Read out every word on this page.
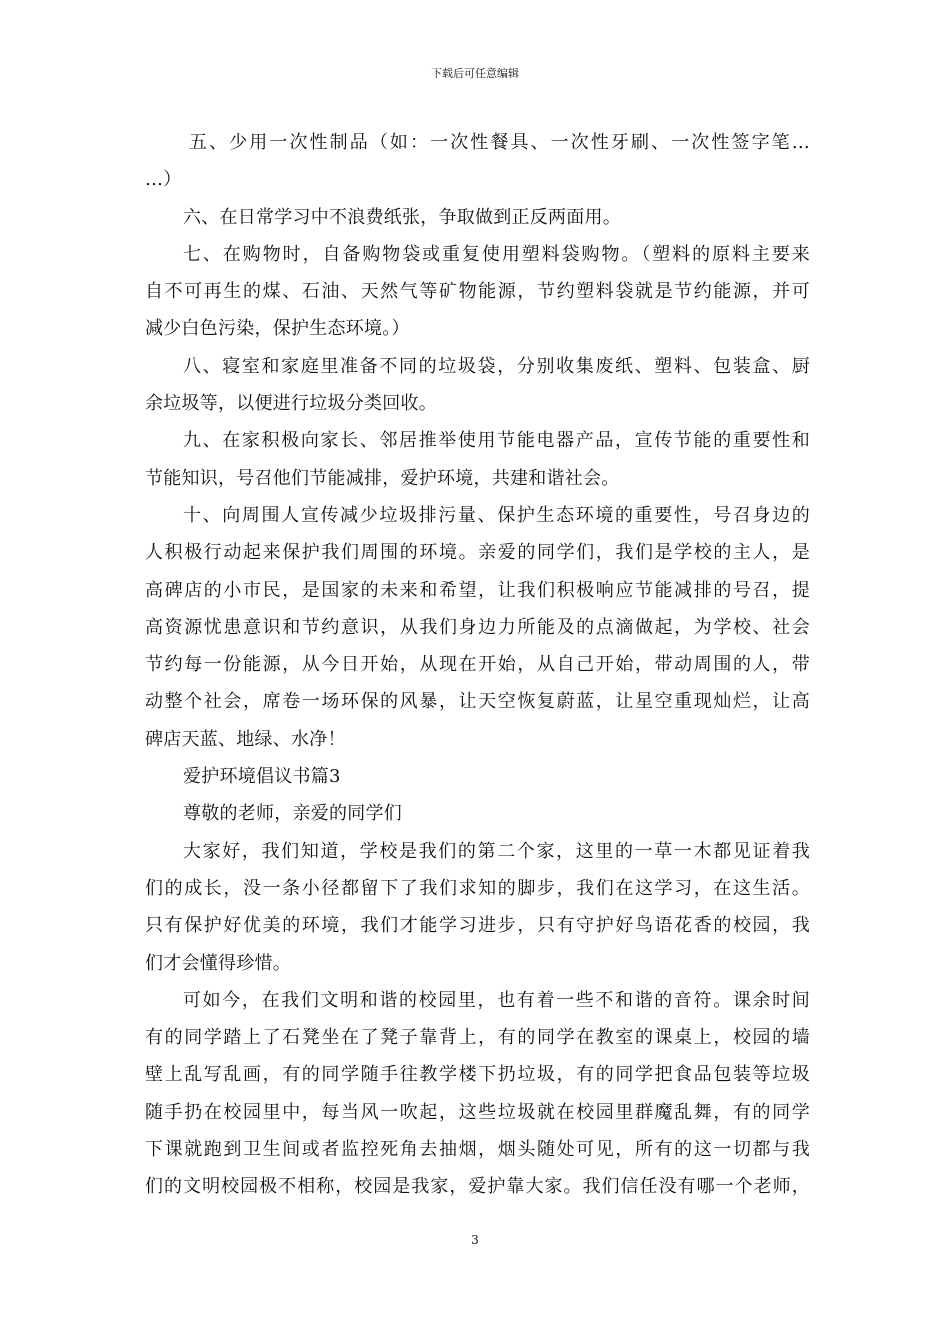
下载后可任意编辑
五、少用一次性制品（如：一次性餐具、一次性牙刷、一次性签字笔…
…）
六、在日常学习中不浪费纸张，争取做到正反两面用。
七、在购物时，自备购物袋或重复使用塑料袋购物。（塑料的原料主要来
自不可再生的煤、石油、天然气等矿物能源，节约塑料袋就是节约能源，并可
减少白色污染，保护生态环境。）
八、寝室和家庭里准备不同的垃圾袋，分别收集废纸、塑料、包装盒、厨
余垃圾等，以便进行垃圾分类回收。
九、在家积极向家长、邻居推举使用节能电器产品，宣传节能的重要性和
节能知识，号召他们节能减排，爱护环境，共建和谐社会。
十、向周围人宣传减少垃圾排污量、保护生态环境的重要性，号召身边的
人积极行动起来保护我们周围的环境。亲爱的同学们，我们是学校的主人，是
高碑店的小市民，是国家的未来和希望，让我们积极响应节能减排的号召，提
高资源忧患意识和节约意识，从我们身边力所能及的点滴做起，为学校、社会
节约每一份能源，从今日开始，从现在开始，从自己开始，带动周围的人，带
动整个社会，席卷一场环保的风暴，让天空恢复蔚蓝，让星空重现灿烂，让高
碑店天蓝、地绿、水净！
爱护环境倡议书篇3
尊敬的老师，亲爱的同学们
大家好，我们知道，学校是我们的第二个家，这里的一草一木都见证着我
们的成长，没一条小径都留下了我们求知的脚步，我们在这学习，在这生活。
只有保护好优美的环境，我们才能学习进步，只有守护好鸟语花香的校园，我
们才会懂得珍惜。
可如今，在我们文明和谐的校园里，也有着一些不和谐的音符。课余时间
有的同学踏上了石凳坐在了凳子靠背上，有的同学在教室的课桌上，校园的墙
壁上乱写乱画，有的同学随手往教学楼下扔垃圾，有的同学把食品包装等垃圾
随手扔在校园里中，每当风一吹起，这些垃圾就在校园里群魔乱舞，有的同学
下课就跑到卫生间或者监控死角去抽烟，烟头随处可见，所有的这一切都与我
们的文明校园极不相称，校园是我家，爱护靠大家。我们信任没有哪一个老师，
3
